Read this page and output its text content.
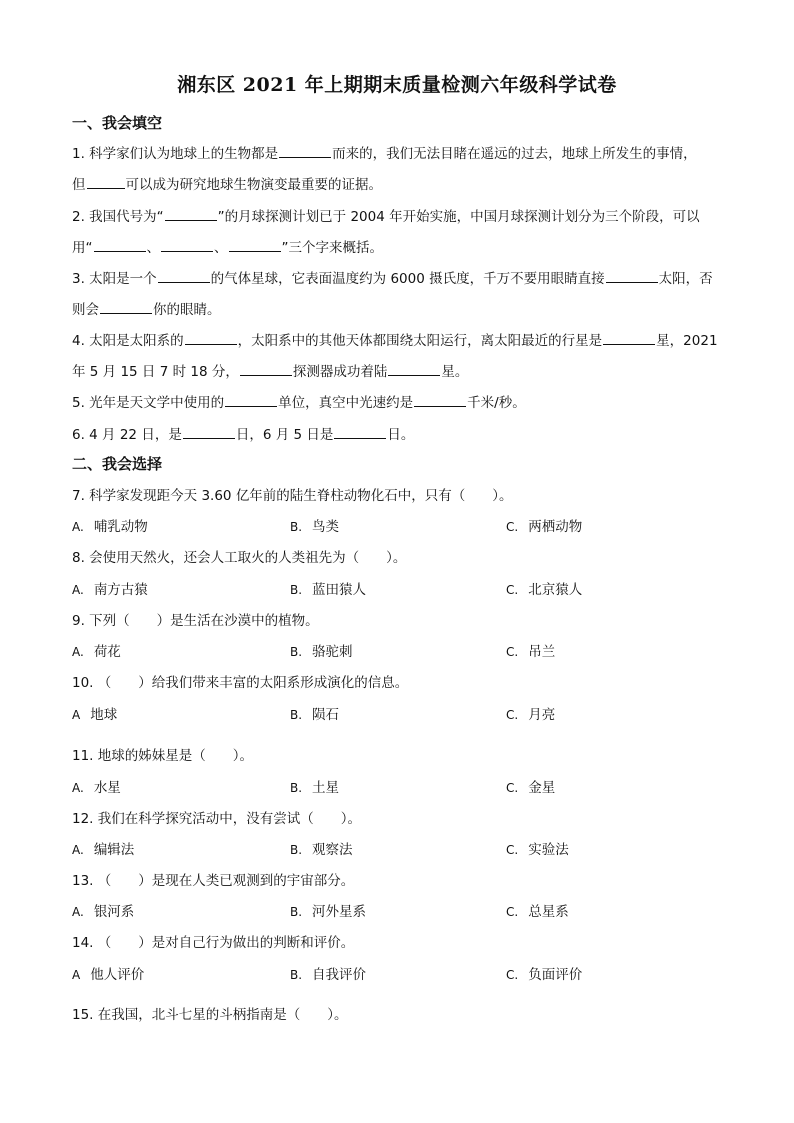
湘东区 2021 年上期期末质量检测六年级科学试卷
一、我会填空
1. 科学家们认为地球上的生物都是	而来的，我们无法目睹在遥远的过去，地球上所发生的事情，
但	可以成为研究地球生物演变最重要的证据。
2. 我国代号为“	”的月球探测计划已于 2004 年开始实施，中国月球探测计划分为三个阶段，可以
用“	、	、	”三个字来概括。
3. 太阳是一个	的气体星球，它表面温度约为 6000 摄氏度，千万不要用眼睛直接	太阳，否
则会	你的眼睛。
4. 太阳是太阳系的	，太阳系中的其他天体都围绕太阳运行，离太阳最近的行星是	星，2021
年 5 月 15 日 7 时 18 分，	探测器成功着陆	星。
5. 光年是天文学中使用的	单位，真空中光速约是	千米/秒。
6. 4 月 22 日，是	日，6 月 5 日是	日。
二、我会选择
7. 科学家发现距今天 3.60 亿年前的陆生脊柱动物化石中，只有（　　）。
A. 哺乳动物	B. 鸟类	C. 两栖动物
8. 会使用天然火，还会人工取火的人类祖先为（　　）。
A. 南方古猿	B. 蓝田猿人	C. 北京猿人
9. 下列（　　）是生活在沙漠中的植物。
A. 荷花	B. 骆驼刺	C. 吊兰
10. （　　）给我们带来丰富的太阳系形成演化的信息。
A 地球	B. 陨石	C. 月亮
11. 地球的姊妹星是（　　）。
A. 水星	B. 土星	C. 金星
12. 我们在科学探究活动中，没有尝试（　　）。
A. 编辑法	B. 观察法	C. 实验法
13. （　　）是现在人类已观测到的宇宙部分。
A. 银河系	B. 河外星系	C. 总星系
14. （　　）是对自己行为做出的判断和评价。
A 他人评价	B. 自我评价	C. 负面评价
15. 在我国，北斗七星的斗柄指南是（　　）。
